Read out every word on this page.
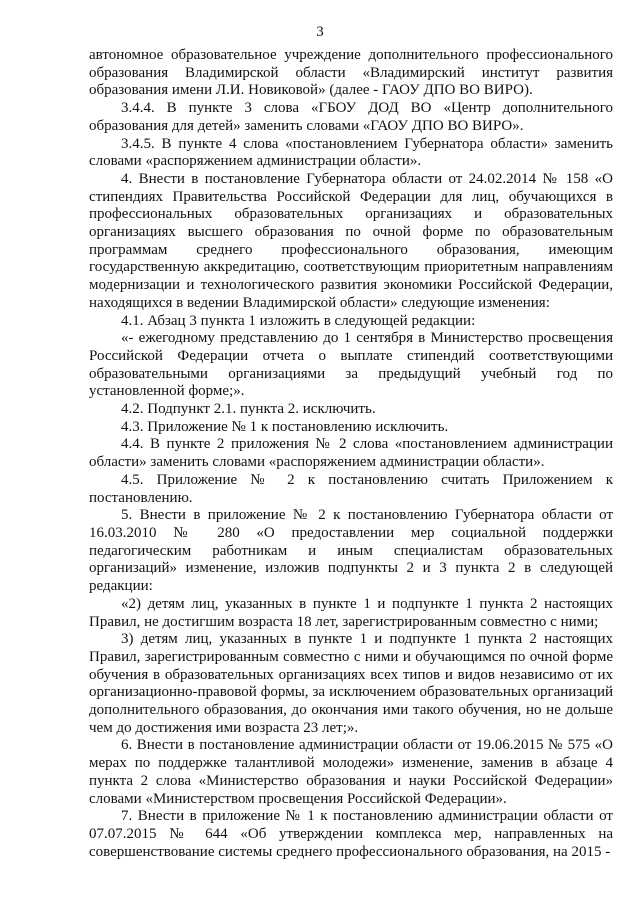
3

автономное образовательное учреждение дополнительного профессионального образования Владимирской области «Владимирский институт развития образования имени Л.И. Новиковой» (далее - ГАОУ ДПО ВО ВИРО).

3.4.4. В пункте 3 слова «ГБОУ ДОД ВО «Центр дополнительного образования для детей» заменить словами «ГАОУ ДПО ВО ВИРО».

3.4.5. В пункте 4 слова «постановлением Губернатора области» заменить словами «распоряжением администрации области».

4. Внести в постановление Губернатора области от 24.02.2014 № 158 «О стипендиях Правительства Российской Федерации для лиц, обучающихся в профессиональных образовательных организациях и образовательных организациях высшего образования по очной форме по образовательным программам среднего профессионального образования, имеющим государственную аккредитацию, соответствующим приоритетным направлениям модернизации и технологического развития экономики Российской Федерации, находящихся в ведении Владимирской области» следующие изменения:

4.1. Абзац 3 пункта 1 изложить в следующей редакции:

«- ежегодному представлению до 1 сентября в Министерство просвещения Российской Федерации отчета о выплате стипендий соответствующими образовательными организациями за предыдущий учебный год по установленной форме;».

4.2. Подпункт 2.1. пункта 2. исключить.

4.3. Приложение № 1 к постановлению исключить.

4.4. В пункте 2 приложения № 2 слова «постановлением администрации области» заменить словами «распоряжением администрации области».

4.5. Приложение № 2 к постановлению считать Приложением к постановлению.

5. Внести в приложение № 2 к постановлению Губернатора области от 16.03.2010 № 280 «О предоставлении мер социальной поддержки педагогическим работникам и иным специалистам образовательных организаций» изменение, изложив подпункты 2 и 3 пункта 2 в следующей редакции:

«2) детям лиц, указанных в пункте 1 и подпункте 1 пункта 2 настоящих Правил, не достигшим возраста 18 лет, зарегистрированным совместно с ними;

3) детям лиц, указанных в пункте 1 и подпункте 1 пункта 2 настоящих Правил, зарегистрированным совместно с ними и обучающимся по очной форме обучения в образовательных организациях всех типов и видов независимо от их организационно-правовой формы, за исключением образовательных организаций дополнительного образования, до окончания ими такого обучения, но не дольше чем до достижения ими возраста 23 лет;».

6. Внести в постановление администрации области от 19.06.2015 № 575 «О мерах по поддержке талантливой молодежи» изменение, заменив в абзаце 4 пункта 2 слова «Министерство образования и науки Российской Федерации» словами «Министерством просвещения Российской Федерации».

7. Внести в приложение № 1 к постановлению администрации области от 07.07.2015 № 644 «Об утверждении комплекса мер, направленных на совершенствование системы среднего профессионального образования, на 2015 -
